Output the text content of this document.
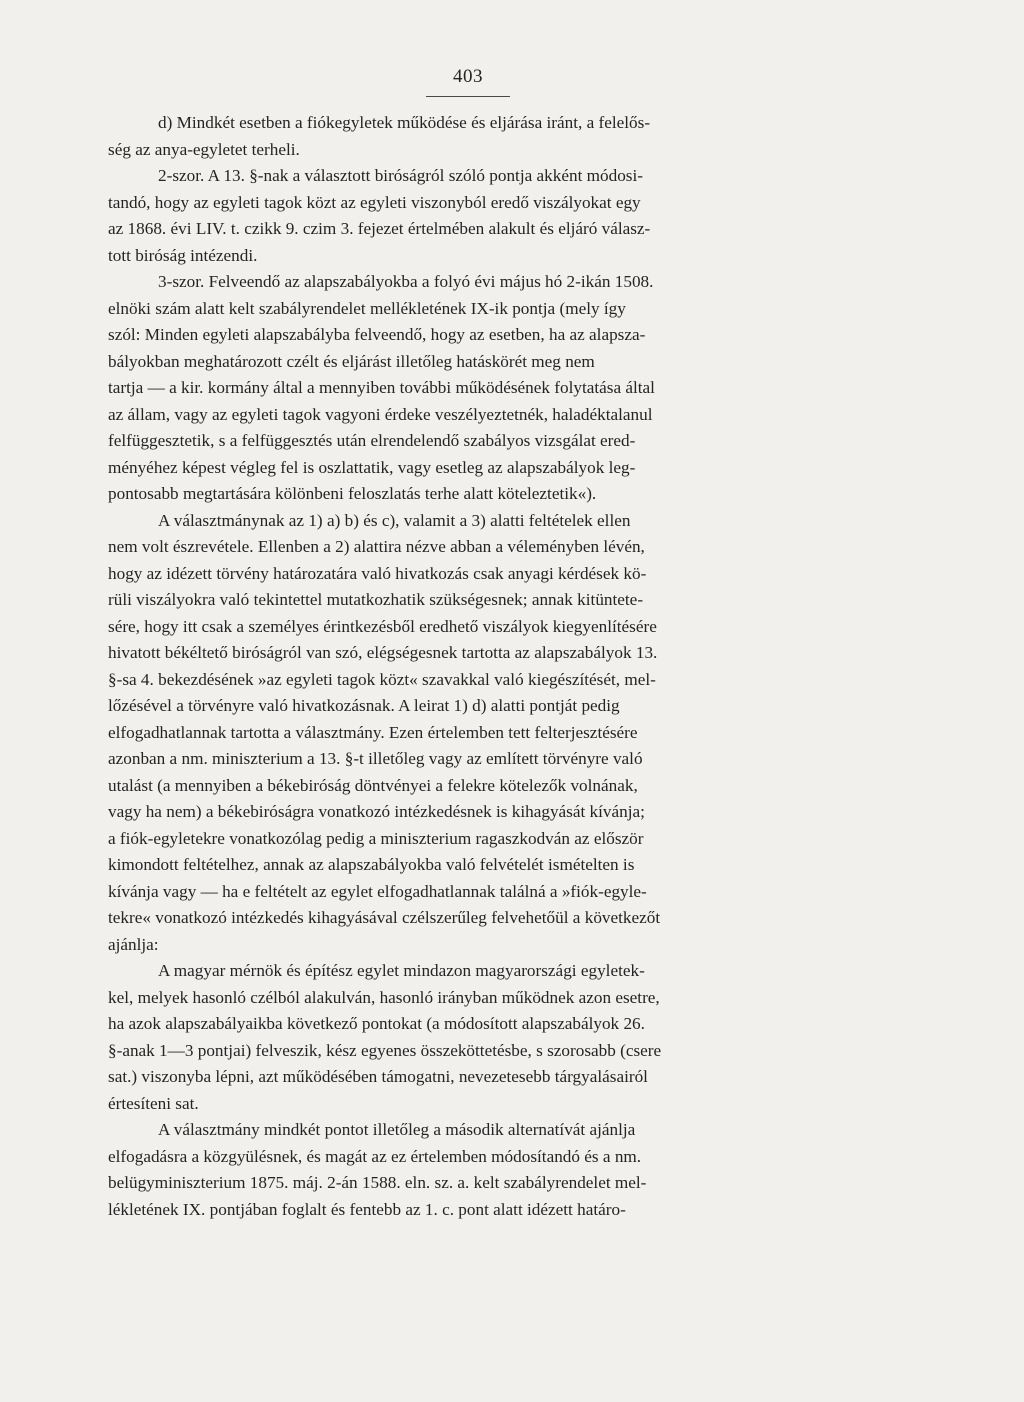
403
d) Mindkét esetben a fiókegyletek működése és eljárása iránt, a felelős-
ség az anya-egyletet terheli.
2-szor. A 13. §-nak a választott biróságról szóló pontja akként módosi-
tandó, hogy az egyleti tagok közt az egyleti viszonyból eredő viszályokat egy
az 1868. évi LIV. t. czikk 9. czim 3. fejezet értelmében alakult és eljáró válasz-
tott biróság intézendi.
3-szor. Felveendő az alapszabályokba a folyó évi május hó 2-ikán 1508.
elnöki szám alatt kelt szabályrendelet mellékletének IX-ik pontja (mely így
szól: Minden egyleti alapszabályba felveendő, hogy az esetben, ha az alapsza-
bályokban meghatározott czélt és eljárást illetőleg hatáskörét meg nem
tartja — a kir. kormány által a mennyiben további működésének folytatása által
az állam, vagy az egyleti tagok vagyoni érdeke veszélyeztetnék, haladéktalanul
felfüggesztetik, s a felfüggesztés után elrendelendő szabályos vizsgálat ered-
ményéhez képest végleg fel is oszlattatik, vagy esetleg az alapszabályok leg-
pontosabb megtartására kölönbeni feloszlatás terhe alatt köteleztetik«).
A választmánynak az 1) a) b) és c), valamit a 3) alatti feltételek ellen
nem volt észrevétele. Ellenben a 2) alattira nézve abban a véleményben lévén,
hogy az idézett törvény határozatára való hivatkozás csak anyagi kérdések kö-
rüli viszályokra való tekintettel mutatkozhatik szükségesnek; annak kitüntete-
sére, hogy itt csak a személyes érintkezésből eredhető viszályok kiegyenlítésére
hivatott békéltető biróságról van szó, elégségesnek tartotta az alapszabályok 13.
§-sa 4. bekezdésének »az egyleti tagok közt« szavakkal való kiegészítését, mel-
lőzésével a törvényre való hivatkozásnak. A leirat 1) d) alatti pontját pedig
elfogadhatlannak tartotta a választmány. Ezen értelemben tett felterjesztésére
azonban a nm. miniszterium a 13. §-t illetőleg vagy az említett törvényre való
utalást (a mennyiben a békebiróság döntvényei a felekre kötelezők volnának,
vagy ha nem) a békebiróságra vonatkozó intézkedésnek is kihagyását kívánja;
a fiók-egyletekre vonatkozólag pedig a miniszterium ragaszkodván az először
kimondott feltételhez, annak az alapszabályokba való felvételét ismételten is
kívánja vagy — ha e feltételt az egylet elfogadhatlannak találná a »fiók-egyle-
tekre« vonatkozó intézkedés kihagyásával czélszerűleg felvehetőül a következőt
ajánlja:
A magyar mérnök és építész egylet mindazon magyarországi egyletek-
kel, melyek hasonló czélból alakulván, hasonló irányban működnek azon esetre,
ha azok alapszabályaikba következő pontokat (a módosított alapszabályok 26.
§-anak 1—3 pontjai) felveszik, kész egyenes összeköttetésbe, s szorosabb (csere
sat.) viszonyba lépni, azt működésében támogatni, nevezetesebb tárgyalásairól
értesíteni sat.
A választmány mindkét pontot illetőleg a második alternatívát ajánlja
elfogadásra a közgyülésnek, és magát az ez értelemben módosítandó és a nm.
belügyminiszterium 1875. máj. 2-án 1588. eln. sz. a. kelt szabályrendelet mel-
lékletének IX. pontjában foglalt és fentebb az 1. c. pont alatt idézett határo-
